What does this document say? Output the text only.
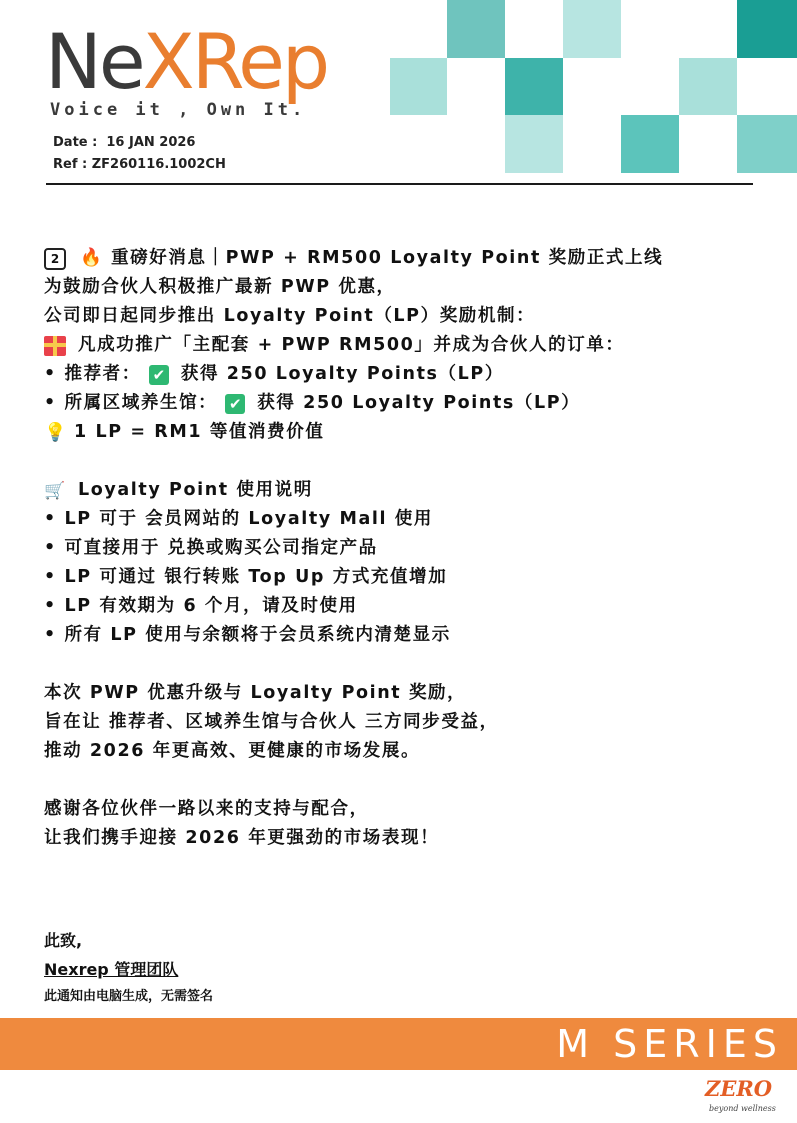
NeXRep
Voice it , Own It.
Date :  16 JAN 2026
Ref : ZF260116.1002CH
2	🔥 重磅好消息｜PWP + RM500 Loyalty Point 奖励正式上线
为鼓励合伙人积极推广最新 PWP 优惠，
公司即日起同步推出 Loyalty Point（LP）奖励机制：
凡成功推广「主配套 + PWP RM500」并成为合伙人的订单：
• 推荐者： ✔ 获得 250 Loyalty Points（LP）
• 所属区域养生馆： ✔ 获得 250 Loyalty Points（LP）
💡 1 LP = RM1 等值消费价值
🛒 Loyalty Point 使用说明
• LP 可于 会员网站的 Loyalty Mall 使用
• 可直接用于 兑换或购买公司指定产品
• LP 可通过 银行转账 Top Up 方式充值增加
• LP 有效期为 6 个月，请及时使用
• 所有 LP 使用与余额将于会员系统内清楚显示
本次 PWP 优惠升级与 Loyalty Point 奖励，
旨在让 推荐者、区域养生馆与合伙人 三方同步受益，
推动 2026 年更高效、更健康的市场发展。
感谢各位伙伴一路以来的支持与配合，
让我们携手迎接 2026 年更强劲的市场表现！
此致,
Nexrep 管理团队
此通知由电脑生成，无需签名
M SERIES
ZERO
beyond wellness
